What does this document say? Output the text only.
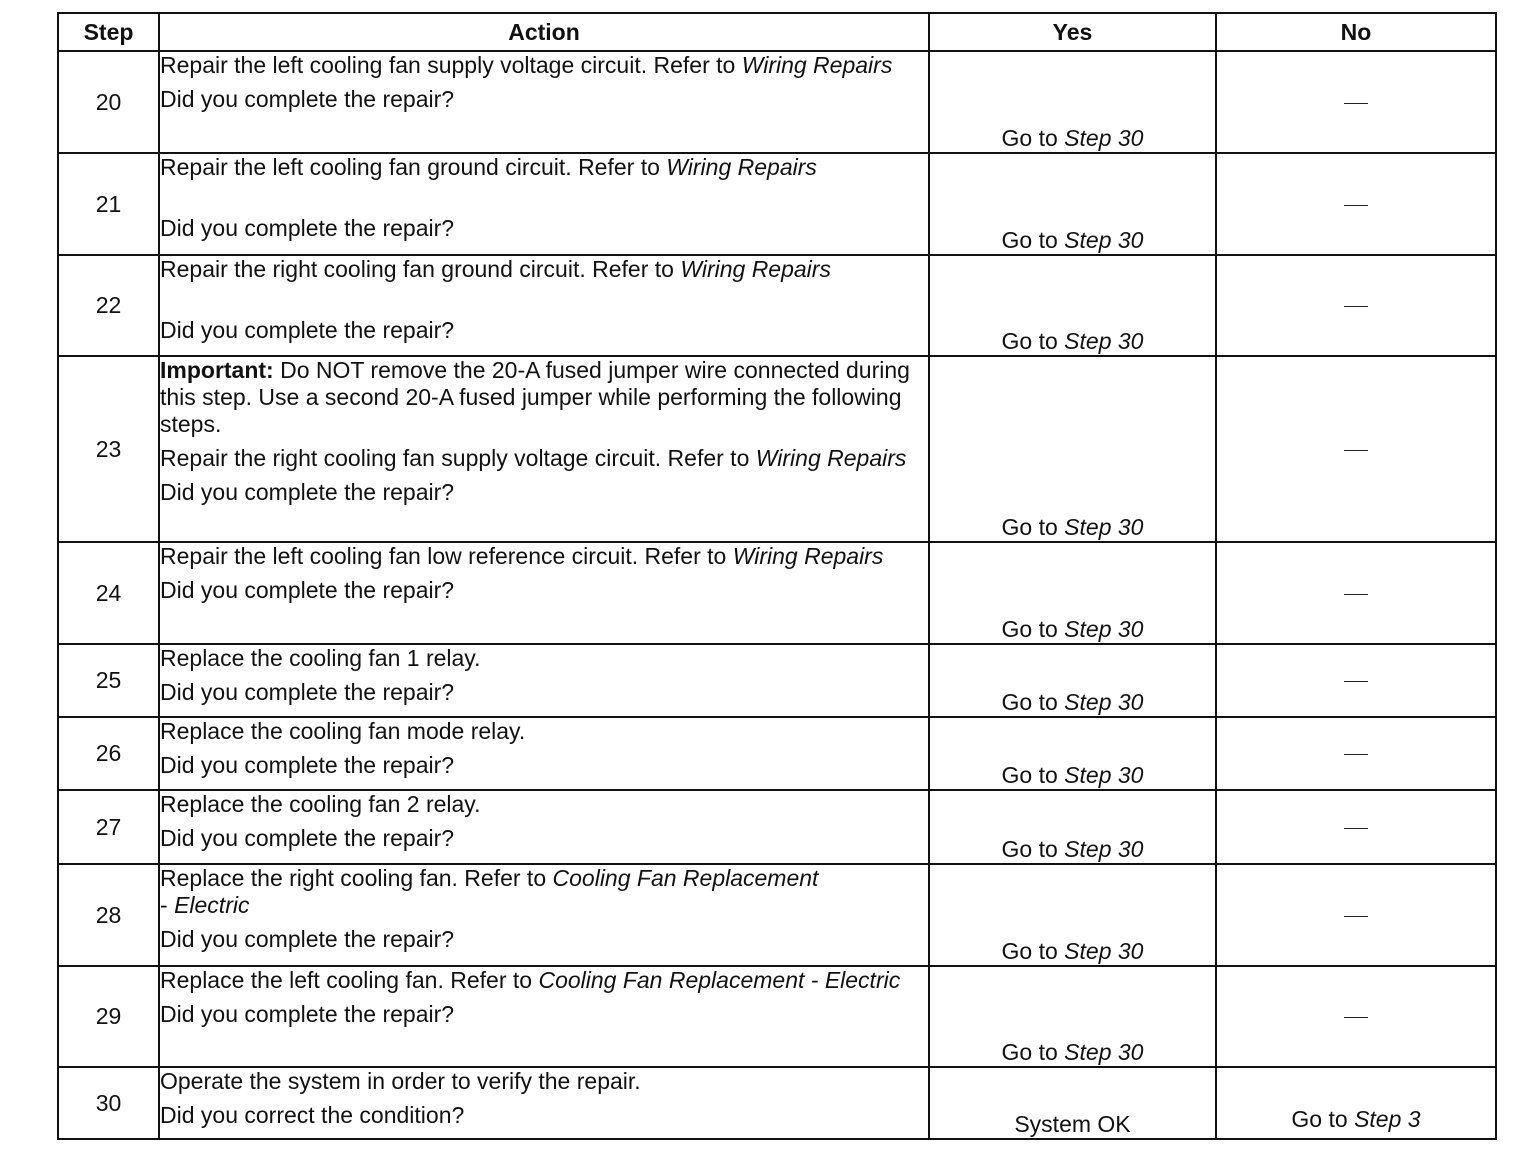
Step	Action	Yes	No
20	Repair the left cooling fan supply voltage circuit. Refer to Wiring Repairs

Did you complete the repair?	Go to Step 30	
21	Repair the left cooling fan ground circuit. Refer to Wiring Repairs

Did you complete the repair?	Go to Step 30	
22	Repair the right cooling fan ground circuit. Refer to Wiring Repairs

Did you complete the repair?	Go to Step 30	
23	Important: Do NOT remove the 20-A fused jumper wire connected during this step. Use a second 20-A fused jumper while performing the following steps.

Repair the right cooling fan supply voltage circuit. Refer to Wiring Repairs

Did you complete the repair?	Go to Step 30	
24	Repair the left cooling fan low reference circuit. Refer to Wiring Repairs

Did you complete the repair?	Go to Step 30	
25	Replace the cooling fan 1 relay.

Did you complete the repair?	Go to Step 30	
26	Replace the cooling fan mode relay.

Did you complete the repair?	Go to Step 30	
27	Replace the cooling fan 2 relay.

Did you complete the repair?	Go to Step 30	
28	Replace the right cooling fan. Refer to Cooling Fan Replacement
- Electric

Did you complete the repair?	Go to Step 30	
29	Replace the left cooling fan. Refer to Cooling Fan Replacement - Electric

Did you complete the repair?	Go to Step 30	
30	Operate the system in order to verify the repair.

Did you correct the condition?	System OK	Go to Step 3
